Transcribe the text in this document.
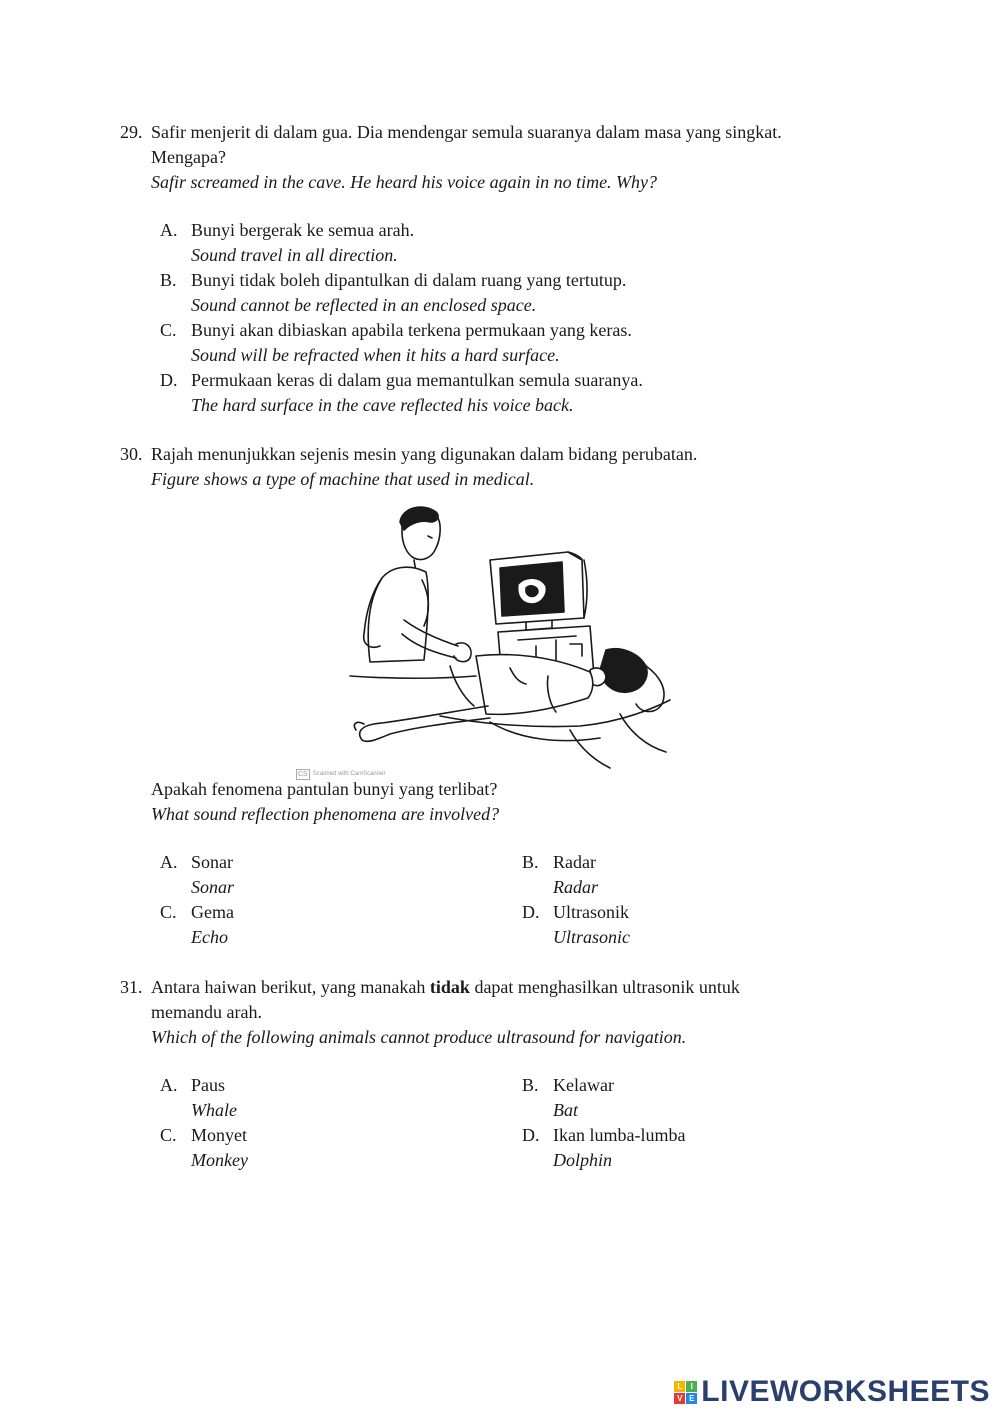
29. Safir menjerit di dalam gua. Dia mendengar semula suaranya dalam masa yang singkat.
Mengapa?
Safir screamed in the cave. He heard his voice again in no time. Why?
A. Bunyi bergerak ke semua arah.
Sound travel in all direction.
B. Bunyi tidak boleh dipantulkan di dalam ruang yang tertutup.
Sound cannot be reflected in an enclosed space.
C. Bunyi akan dibiaskan apabila terkena permukaan yang keras.
Sound will be refracted when it hits a hard surface.
D. Permukaan keras di dalam gua memantulkan semula suaranya.
The hard surface in the cave reflected his voice back.
30. Rajah menunjukkan sejenis mesin yang digunakan dalam bidang perubatan.
Figure shows a type of machine that used in medical.
CS Scanned with CamScanner
Apakah fenomena pantulan bunyi yang terlibat?
What sound reflection phenomena are involved?
A. Sonar
Sonar
B. Radar
Radar
C. Gema
Echo
D. Ultrasonik
Ultrasonic
31. Antara haiwan berikut, yang manakah tidak dapat menghasilkan ultrasonik untuk
memandu arah.
Which of the following animals cannot produce ultrasound for navigation.
A. Paus
Whale
B. Kelawar
Bat
C. Monyet
Monkey
D. Ikan lumba-lumba
Dolphin
L	I
V E LIVEWORKSHEETS
